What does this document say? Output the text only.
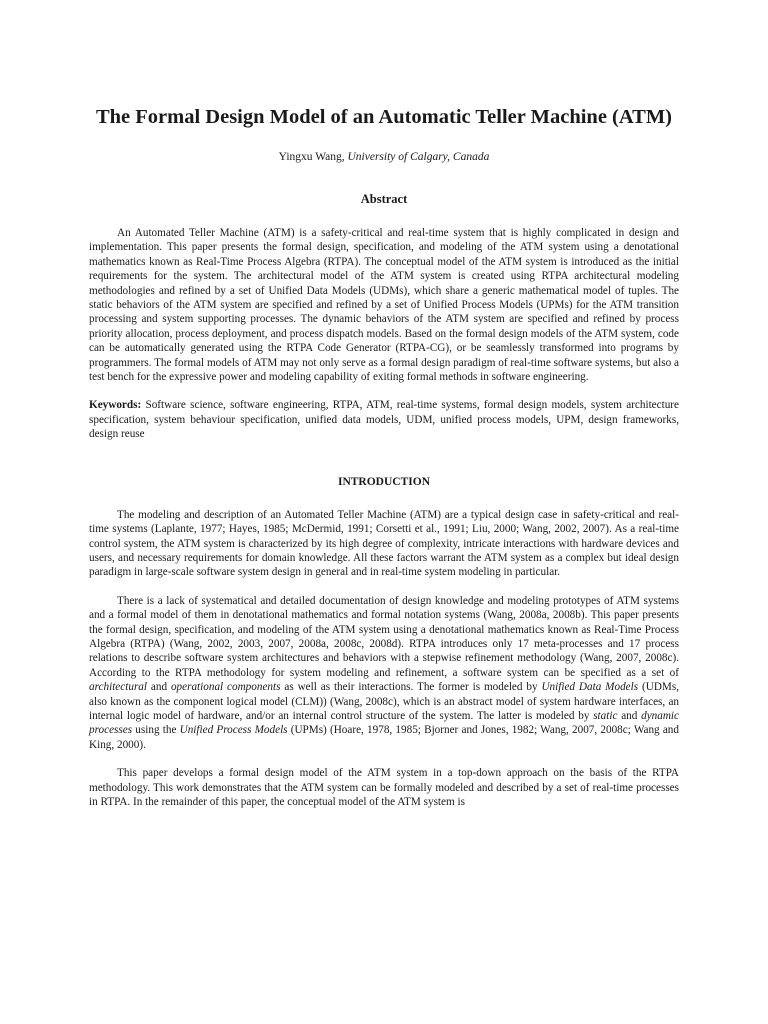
The Formal Design Model of an Automatic Teller Machine (ATM)
Yingxu Wang, University of Calgary, Canada
Abstract

An Automated Teller Machine (ATM) is a safety-critical and real-time system that is highly complicated in design and implementation. This paper presents the formal design, specification, and modeling of the ATM system using a denotational mathematics known as Real-Time Process Algebra (RTPA). The conceptual model of the ATM system is introduced as the initial requirements for the system. The architectural model of the ATM system is created using RTPA architectural modeling methodologies and refined by a set of Unified Data Models (UDMs), which share a generic mathematical model of tuples. The static behaviors of the ATM system are specified and refined by a set of Unified Process Models (UPMs) for the ATM transition processing and system supporting processes. The dynamic behaviors of the ATM system are specified and refined by process priority allocation, process deployment, and process dispatch models. Based on the formal design models of the ATM system, code can be automatically generated using the RTPA Code Generator (RTPA-CG), or be seamlessly transformed into programs by programmers. The formal models of ATM may not only serve as a formal design paradigm of real-time software systems, but also a test bench for the expressive power and modeling capability of exiting formal methods in software engineering.

Keywords: Software science, software engineering, RTPA, ATM, real-time systems, formal design models, system architecture specification, system behaviour specification, unified data models, UDM, unified process models, UPM, design frameworks, design reuse

INTRODUCTION

The modeling and description of an Automated Teller Machine (ATM) are a typical design case in safety-critical and real-time systems (Laplante, 1977; Hayes, 1985; McDermid, 1991; Corsetti et al., 1991; Liu, 2000; Wang, 2002, 2007). As a real-time control system, the ATM system is characterized by its high degree of complexity, intricate interactions with hardware devices and users, and necessary requirements for domain knowledge. All these factors warrant the ATM system as a complex but ideal design paradigm in large-scale software system design in general and in real-time system modeling in particular.

There is a lack of systematical and detailed documentation of design knowledge and modeling prototypes of ATM systems and a formal model of them in denotational mathematics and formal notation systems (Wang, 2008a, 2008b). This paper presents the formal design, specification, and modeling of the ATM system using a denotational mathematics known as Real-Time Process Algebra (RTPA) (Wang, 2002, 2003, 2007, 2008a, 2008c, 2008d). RTPA introduces only 17 meta-processes and 17 process relations to describe software system architectures and behaviors with a stepwise refinement methodology (Wang, 2007, 2008c). According to the RTPA methodology for system modeling and refinement, a software system can be specified as a set of architectural and operational components as well as their interactions. The former is modeled by Unified Data Models (UDMs, also known as the component logical model (CLM)) (Wang, 2008c), which is an abstract model of system hardware interfaces, an internal logic model of hardware, and/or an internal control structure of the system. The latter is modeled by static and dynamic processes using the Unified Process Models (UPMs) (Hoare, 1978, 1985; Bjorner and Jones, 1982; Wang, 2007, 2008c; Wang and King, 2000).

This paper develops a formal design model of the ATM system in a top-down approach on the basis of the RTPA methodology. This work demonstrates that the ATM system can be formally modeled and described by a set of real-time processes in RTPA. In the remainder of this paper, the conceptual model of the ATM system is
